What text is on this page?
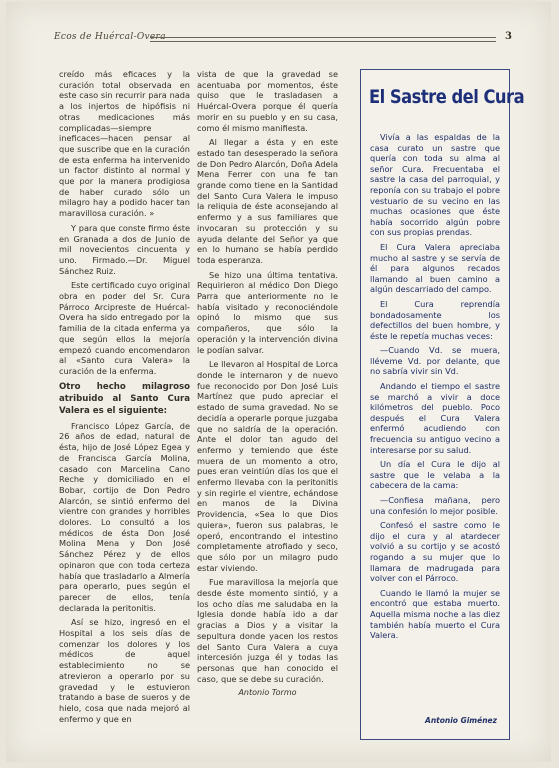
Ecos de Huércal-Overa	3

creído más eficaces y la curación total observada en este caso sin recurrir para nada a los injertos de hipófisis ni otras medicaciones más complicadas—siempre ineficaces—hacen pensar al que suscribe que en la curación de esta enferma ha intervenido un factor distinto al normal y que por la manera prodigiosa de haber curado sólo un milagro hay a podido hacer tan maravillosa curación. »

Y para que conste firmo éste en Granada a dos de Junio de mil novecientos cincuenta y uno. Firmado.—Dr. Miguel Sánchez Ruiz.

Este certificado cuyo original obra en poder del Sr. Cura Párroco Arcipreste de Huércal-Overa ha sido entregado por la familia de la citada enferma ya que según ellos la mejoría empezó cuando encomendaron al «Santo cura Valera» la curación de la enferma.

Otro hecho milagroso atribuido al Santo Cura Valera es el siguiente:

Francisco López García, de 26 años de edad, natural de ésta, hijo de José López Egea y de Francisca García Molina, casado con Marcelina Cano Reche y domiciliado en el Bobar, cortijo de Don Pedro Alarcón, se sintió enfermo del vientre con grandes y horribles dolores. Lo consultó a los médicos de ésta Don José Molina Mena y Don José Sánchez Pérez y de ellos opinaron que con toda certeza había que trasladarlo a Almería para operarlo, pues según el parecer de ellos, tenía declarada la peritonitis.

Así se hizo, ingresó en el Hospital a los seis días de comenzar los dolores y los médicos de aquel establecimiento no se atrevieron a operarlo por su gravedad y le estuvieron tratando a base de sueros y de hielo, cosa que nada mejoró al enfermo y que en

vista de que la gravedad se acentuaba por momentos, éste quiso que le trasladasen a Huércal-Overa porque él quería morir en su pueblo y en su casa, como él mismo manifiesta.

Al llegar a ésta y en este estado tan desesperado la señora de Don Pedro Alarcón, Doña Adela Mena Ferrer con una fe tan grande como tiene en la Santidad del Santo Cura Valera le impuso la reliquia de éste aconsejando al enfermo y a sus familiares que invocaran su protección y su ayuda delante del Señor ya que en lo humano se había perdido toda esperanza.

Se hizo una última tentativa. Requirieron al médico Don Diego Parra que anteriormente no le había visitado y reconociéndole opinó lo mismo que sus compañeros, que sólo la operación y la intervención divina le podían salvar.

Le llevaron al Hospital de Lorca donde le internaron y de nuevo fue reconocido por Don José Luis Martínez que pudo apreciar el estado de suma gravedad. No se decidía a operarle porque juzgaba que no saldría de la operación. Ante el dolor tan agudo del enfermo y temiendo que éste muera de un momento a otro, pues eran veintiún días los que el enfermo llevaba con la peritonitis y sin regirle el vientre, echándose en manos de la Divina Providencia, «Sea lo que Dios quiera», fueron sus palabras, le operó, encontrando el intestino completamente atrofiado y seco, que sólo por un milagro pudo estar viviendo.

Fue maravillosa la mejoría que desde éste momento sintió, y a los ocho días me saludaba en la Iglesia donde había ido a dar gracias a Dios y a visitar la sepultura donde yacen los restos del Santo Cura Valera a cuya intercesión juzga él y todas las personas que han conocido el caso, que se debe su curación.

Antonio Tormo

El Sastre del Cura

Vivía a las espaldas de la casa curato un sastre que quería con toda su alma al señor Cura. Frecuentaba el sastre la casa del parroquial, y reponía con su trabajo el pobre vestuario de su vecino en las muchas ocasiones que éste había socorrido algún pobre con sus propias prendas.

El Cura Valera apreciaba mucho al sastre y se servía de él para algunos recados llamando al buen camino a algún descarriado del campo.

El Cura reprendía bondadosamente los defectillos del buen hombre, y éste le repetía muchas veces:

—Cuando Vd. se muera, lléveme Vd. por delante, que no sabría vivir sin Vd.

Andando el tiempo el sastre se marchó a vivir a doce kilómetros del pueblo. Poco después el Cura Valera enfermó acudiendo con frecuencia su antiguo vecino a interesarse por su salud.

Un día el Cura le dijo al sastre que le velaba a la cabecera de la cama:

—Confiesa mañana, pero una confesión lo mejor posible.

Confesó el sastre como le dijo el cura y al atardecer volvió a su cortijo y se acostó rogando a su mujer que lo llamara de madrugada para volver con el Párroco.

Cuando le llamó la mujer se encontró que estaba muerto. Aquella misma noche a las diez también había muerto el Cura Valera.

Antonio Giménez
